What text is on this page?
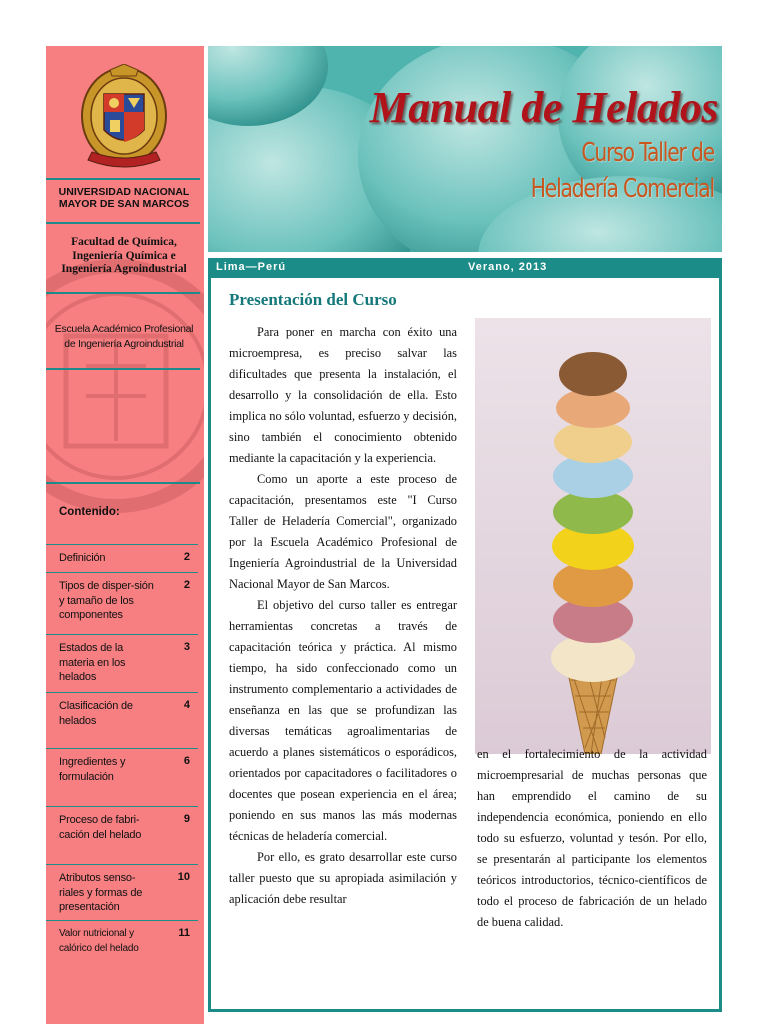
UNIVERSIDAD NACIONAL MAYOR DE SAN MARCOS
Facultad de Química, Ingeniería Química e Ingeniería Agroindustrial
Escuela Académico Profesional de Ingeniería Agroindustrial
Contenido:
Definición	2
Tipos de disper-sión y tamaño de los componentes
2
Estados de la materia en los helados
3
Clasificación de helados
4
Ingredientes y formulación
6
Proceso de fabri-cación del helado
9
Atributos senso-riales y formas de presentación
10
Valor nutricional y calórico del helado
11
Manual de Helados
Curso Taller de
Heladería Comercial
Lima—Perú	Verano, 2013
Presentación del Curso

Para poner en marcha con éxito una microempresa, es preciso salvar las dificultades que presenta la instalación, el desarrollo y la consolidación de ella. Esto implica no sólo voluntad, esfuerzo y decisión, sino también el conocimiento obtenido mediante la capacitación y la experiencia.

Como un aporte a este proceso de capacitación, presentamos este "I Curso Taller de Heladería Comercial", organizado por la Escuela Académico Profesional de Ingeniería Agroindustrial de la Universidad Nacional Mayor de San Marcos.

El objetivo del curso taller es entregar herramientas concretas a través de capacitación teórica y práctica. Al mismo tiempo, ha sido confeccionado como un instrumento complementario a actividades de enseñanza en las que se profundizan las diversas temáticas agroalimentarias de acuerdo a planes sistemáticos o esporádicos, orientados por capacitadores o facilitadores o docentes que posean experiencia en el área; poniendo en sus manos las más modernas técnicas de heladería comercial.

Por ello, es grato desarrollar este curso taller puesto que su apropiada asimilación y aplicación debe resultar

en el fortalecimiento de la actividad microempresarial de muchas personas que han emprendido el camino de su independencia económica, poniendo en ello todo su esfuerzo, voluntad y tesón. Por ello, se presentarán al participante los elementos teóricos introductorios, técnico-científicos de todo el proceso de fabricación de un helado de buena calidad.
